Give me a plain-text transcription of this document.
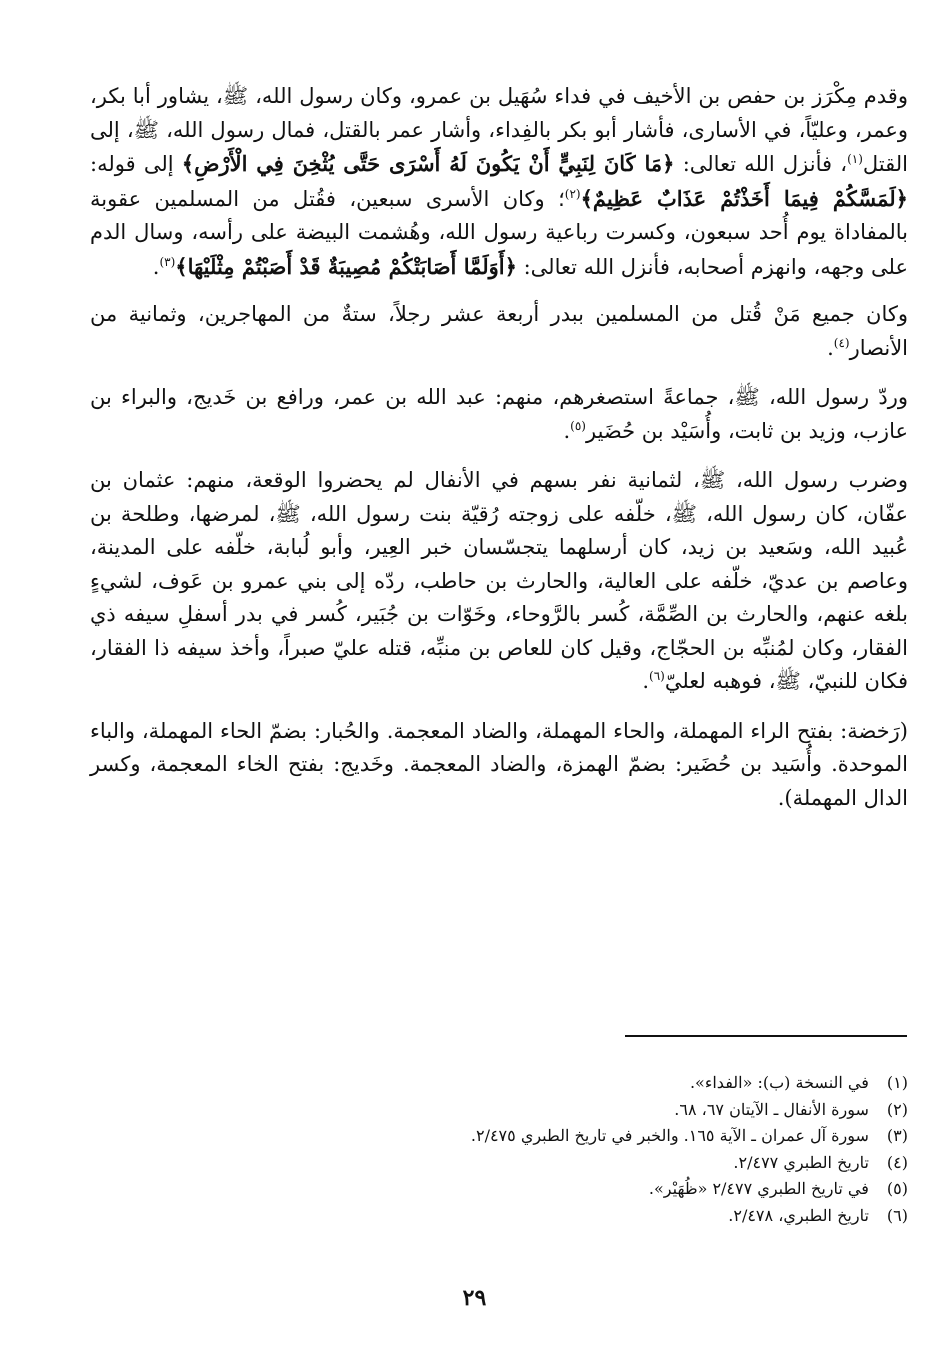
وقدم مِكْرَز بن حفص بن الأخيف في فداء سُهَيل بن عمرو، وكان رسول الله، ﷺ، يشاور أبا بكر، وعمر، وعليّاً، في الأسارى، فأشار أبو بكر بالفِداء، وأشار عمر بالقتل، فمال رسول الله، ﷺ، إلى القتل$^{(١)}$، فأنزل الله تعالى: ﴿مَا كَانَ لِنَبِيٍّ أَنْ يَكُونَ لَهُ أَسْرَى حَتَّى يُثْخِنَ فِي الْأَرْضِ﴾ إلى قوله: ﴿لَمَسَّكُمْ فِيمَا أَخَذْتُمْ عَذَابٌ عَظِيمٌ﴾$^{(٢)}$؛ وكان الأسرى سبعين، فقُتل من المسلمين عقوبة بالمفاداة يوم أُحد سبعون، وكسرت رباعية رسول الله، وهُشمت البيضة على رأسه، وسال الدم على وجهه، وانهزم أصحابه، فأنزل الله تعالى: ﴿أَوَلَمَّا أَصَابَتْكُمْ مُصِيبَةٌ قَدْ أَصَبْتُمْ مِثْلَيْهَا﴾$^{(٣)}$.

وكان جميع مَنْ قُتل من المسلمين ببدر أربعة عشر رجلاً، ستةٌ من المهاجرين، وثمانية من الأنصار$^{(٤)}$.

وردّ رسول الله، ﷺ، جماعةً استصغرهم، منهم: عبد الله بن عمر، ورافع بن خَديج، والبراء بن عازب، وزيد بن ثابت، وأُسَيْد بن حُضَير$^{(٥)}$.

وضرب رسول الله، ﷺ، لثمانية نفر بسهم في الأنفال لم يحضروا الوقعة، منهم: عثمان بن عفّان، كان رسول الله، ﷺ، خلّفه على زوجته رُقيّة بنت رسول الله، ﷺ، لمرضها، وطلحة بن عُبيد الله، وسَعيد بن زيد، كان أرسلهما يتجسّسان خبر العِير، وأبو لُبابة، خلّفه على المدينة، وعاصم بن عديّ، خلّفه على العالية، والحارث بن حاطب، ردّه إلى بني عمرو بن عَوف، لشيءٍ بلغه عنهم، والحارث بن الصِّمَّة، كُسر بالرَّوحاء، وخَوّات بن جُبَير، كُسر في بدر أسفلِ سيفه ذي الفقار، وكان لمُنبِّه بن الحجّاج، وقيل كان للعاص بن منبِّه، قتله عليّ صبراً، وأخذ سيفه ذا الفقار، فكان للنبيّ، ﷺ، فوهبه لعليّ$^{(٦)}$.

(رَخضة: بفتح الراء المهملة، والحاء المهملة، والضاد المعجمة. والحُبار: بضمّ الحاء المهملة، والباء الموحدة. وأُسَيد بن حُضَير: بضمّ الهمزة، والضاد المعجمة. وخَديج: بفتح الخاء المعجمة، وكسر الدال المهملة).

(١) في النسخة (ب): «الفداء».
(٢) سورة الأنفال ـ الآيتان ٦٧، ٦٨.
(٣) سورة آل عمران ـ الآية ١٦٥. والخبر في تاريخ الطبري ٢/٤٧٥.
(٤) تاريخ الطبري ٢/٤٧٧.
(٥) في تاريخ الطبري ٢/٤٧٧ «ظُهَيْر».
(٦) تاريخ الطبري، ٢/٤٧٨.
٢٩
